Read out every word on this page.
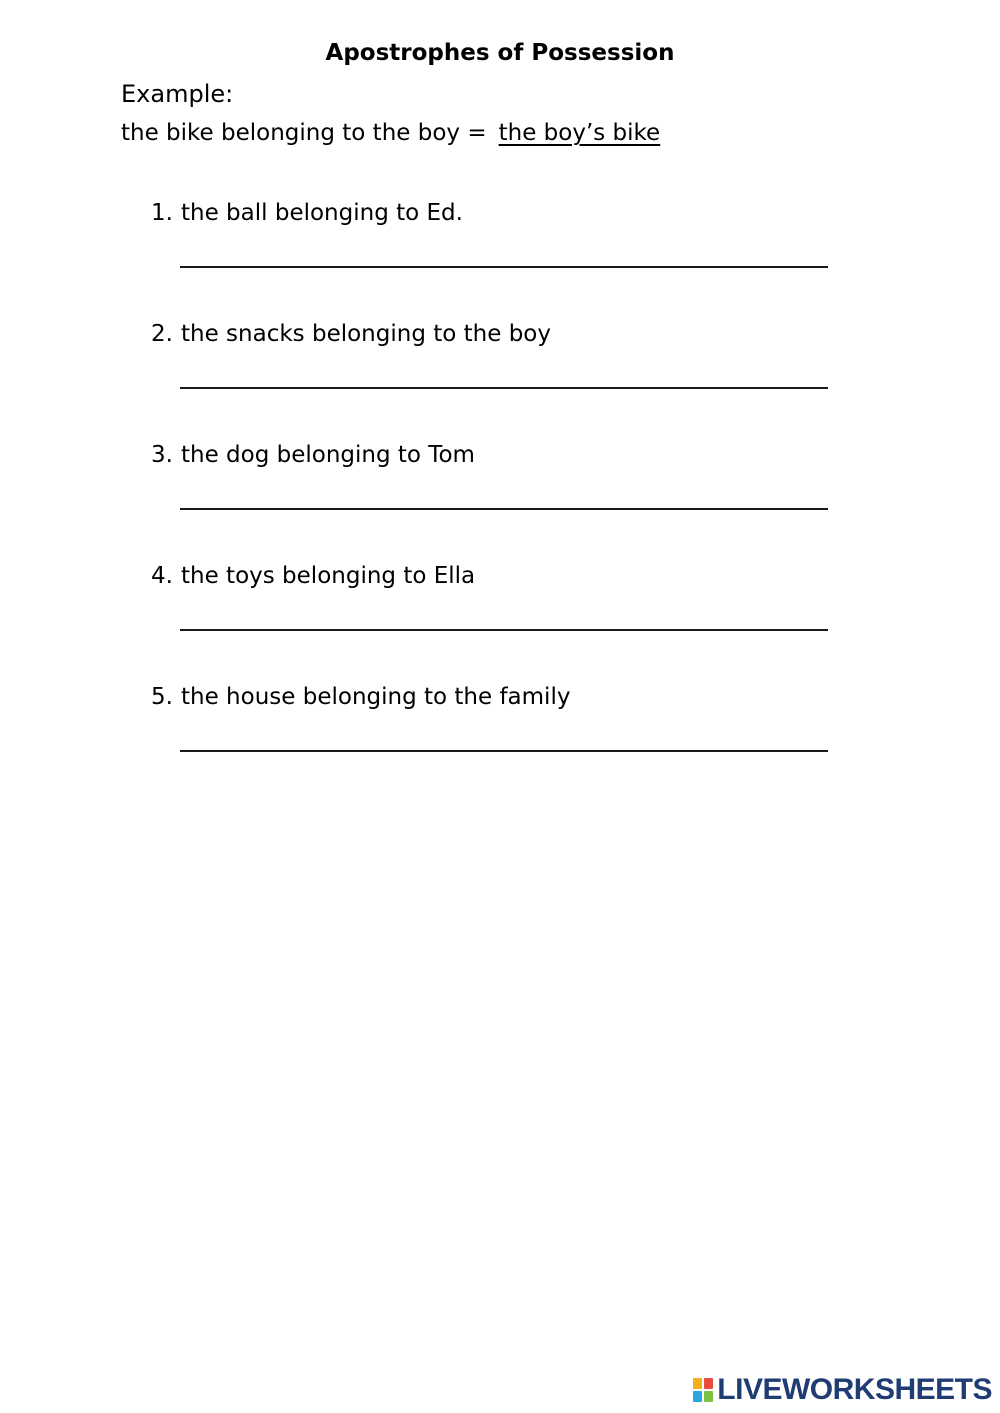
Apostrophes of Possession
Example:
the bike belonging to the boy = the boy’s bike
1. the ball belonging to Ed.
2. the snacks belonging to the boy
3. the dog belonging to Tom
4. the toys belonging to Ella
5. the house belonging to the family
LIVEWORKSHEETS
